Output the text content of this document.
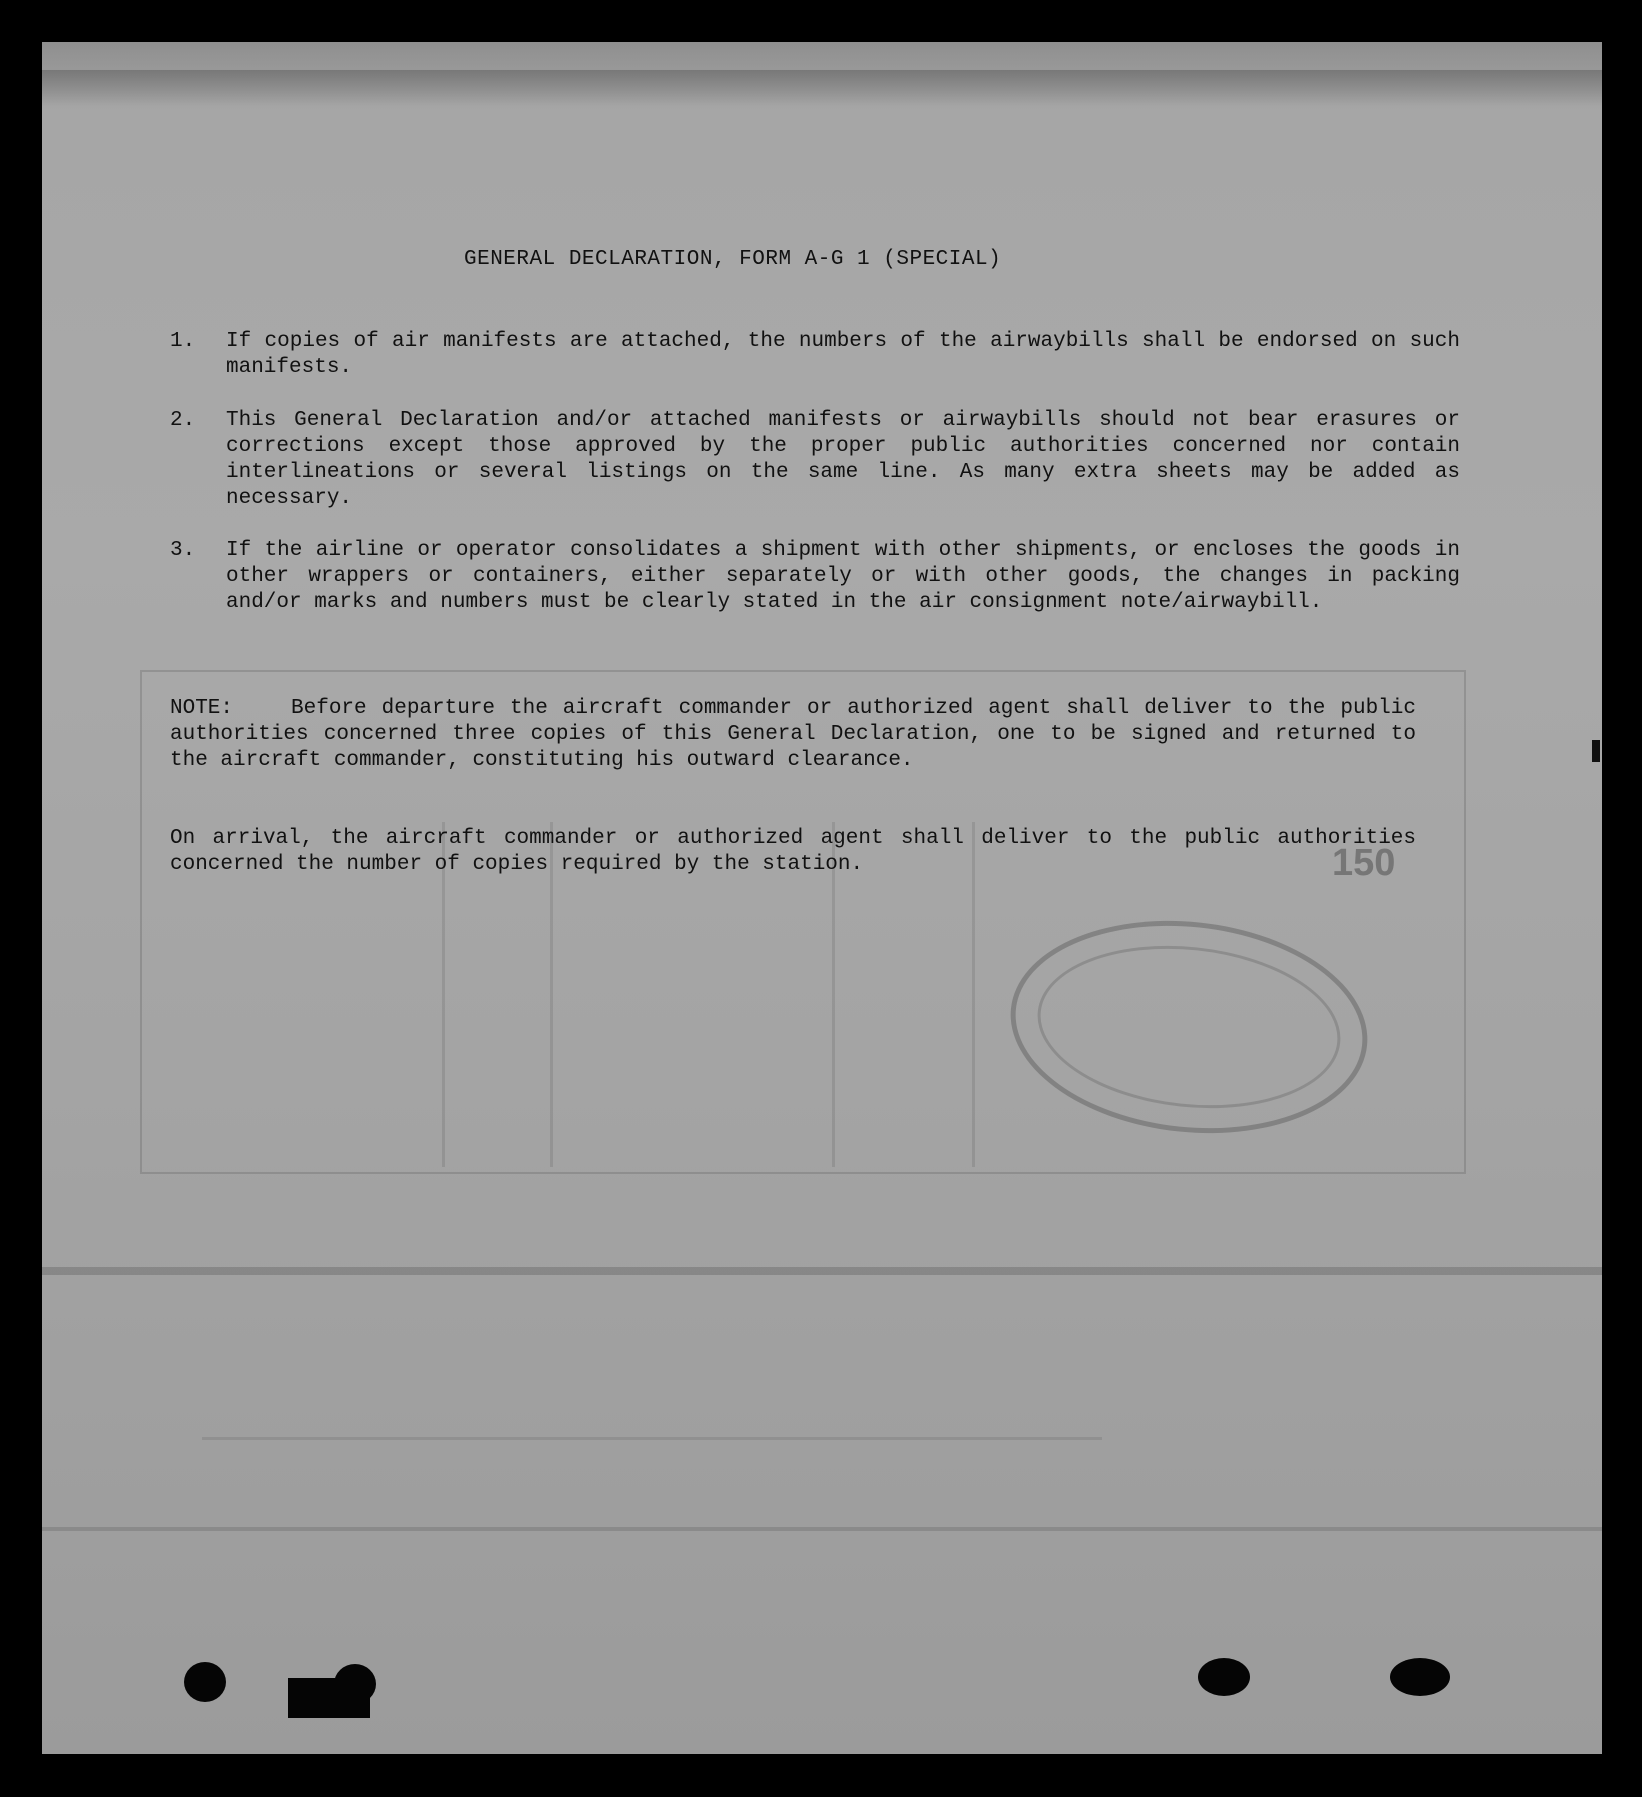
150
GENERAL DECLARATION, FORM A-G 1 (SPECIAL)
1.	If copies of air manifests are attached, the numbers of the airwaybills shall be endorsed on such manifests.
2.	This General Declaration and/or attached manifests or airwaybills should not bear erasures or corrections except those approved by the proper public authorities concerned nor contain interlineations or several listings on the same line. As many extra sheets may be added as necessary.
3.	If the airline or operator consolidates a shipment with other shipments, or encloses the goods in other wrappers or containers, either separately or with other goods, the changes in packing and/or marks and numbers must be clearly stated in the air consignment note/airwaybill.
NOTE:	Before departure the aircraft commander or authorized agent shall deliver to the public authorities concerned three copies of this General Declaration, one to be signed and returned to the aircraft commander, constituting his outward clearance.
On arrival, the aircraft commander or authorized agent shall deliver to the public authorities concerned the number of copies required by the station.
